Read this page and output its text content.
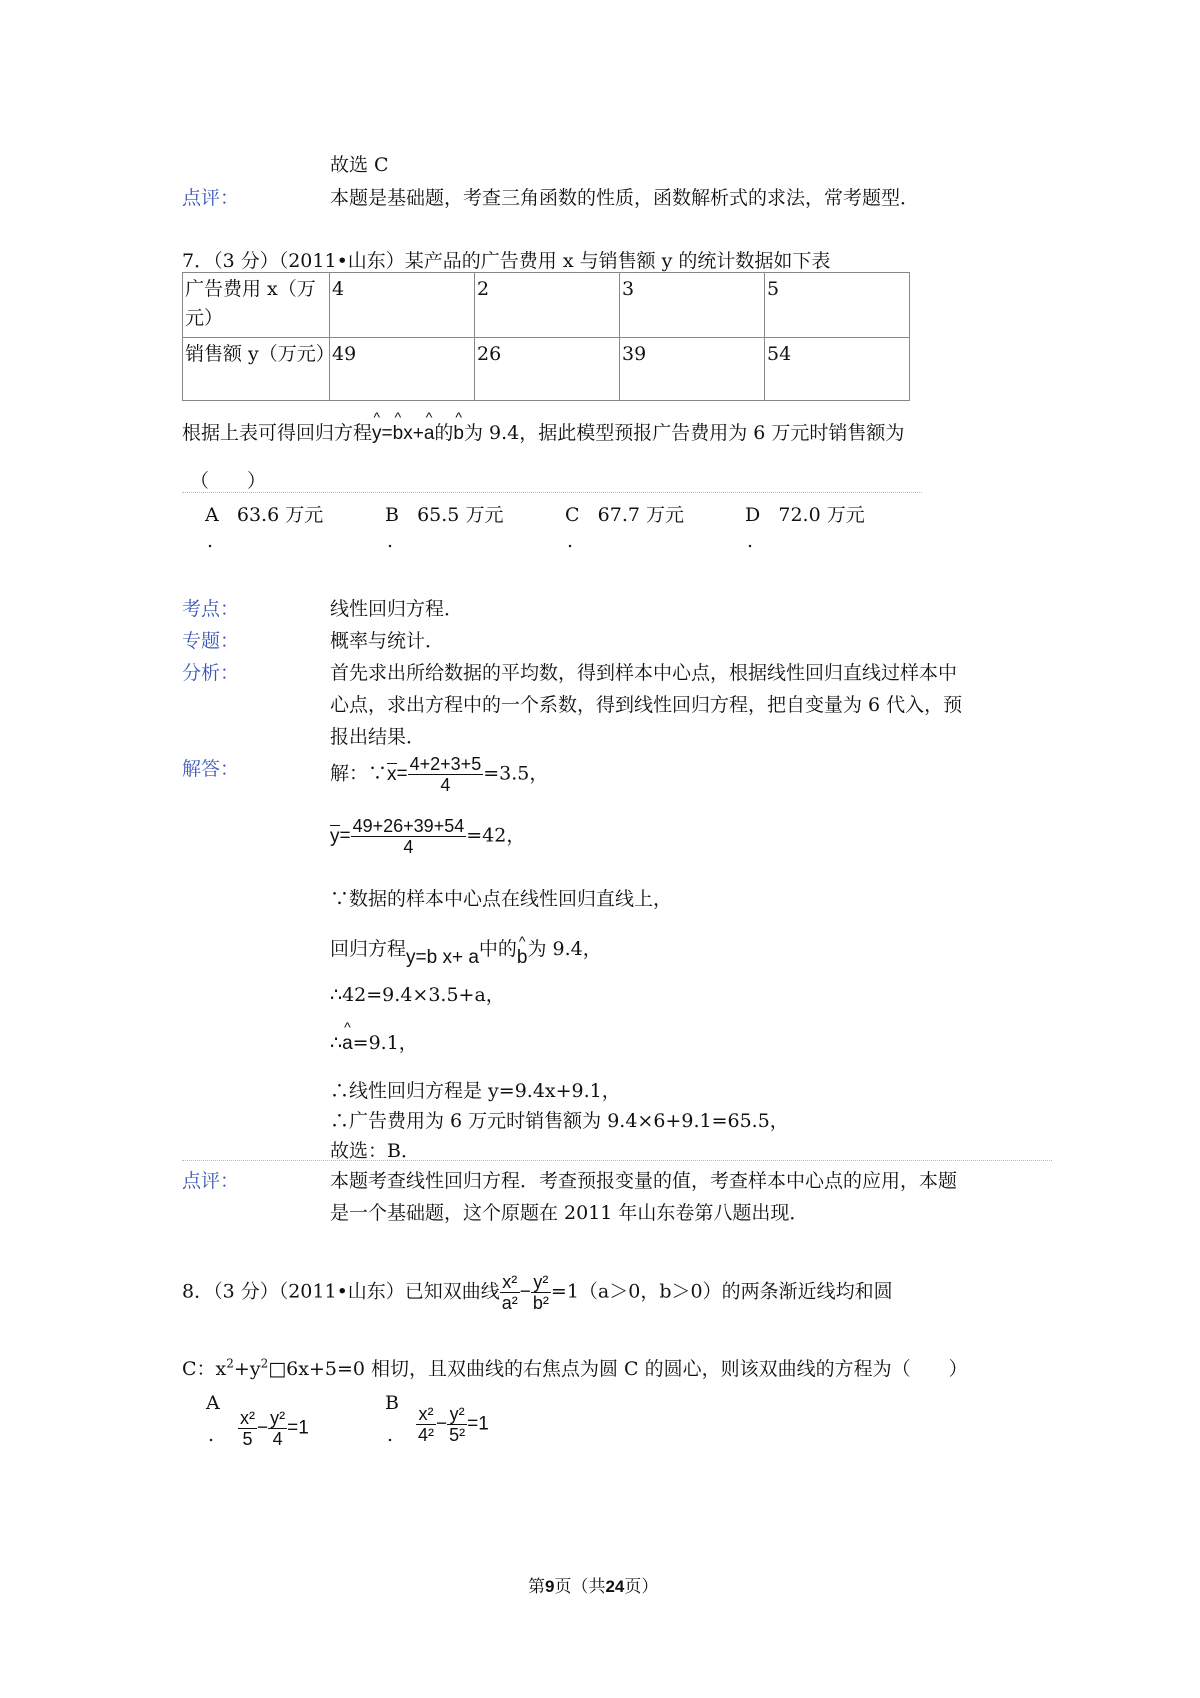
故选 C
点评：	本题是基础题，考查三角函数的性质，函数解析式的求法，常考题型．
7．（3 分）（2011•山东）某产品的广告费用 x 与销售额 y 的统计数据如下表
广告费用 x（万元）	4	2	3	5
销售额 y（万元）	49	26	39	54
根据上表可得回归方程^ y=^ bx+^ a的^ b为 9.4，据此模型预报广告费用为 6 万元时销售额为
（　　）
A 63.6 万元	B 65.5 万元	C 67.7 万元	D 72.0 万元
.	.	.	.
考点：	线性回归方程．
专题：	概率与统计．
分析：	首先求出所给数据的平均数，得到样本中心点，根据线性回归直线过样本中
心点，求出方程中的一个系数，得到线性回归方程，把自变量为 6 代入，预
报出结果．
解答：	解：∵x= $\frac{4+2+3+5}{4} =3.5$，
$y= \frac{49+26+39+54}{4} =42$，
∵数据的样本中心点在线性回归直线上，
回归方程y=b x+ a中的^ b为 9.4，
∴42=9.4×3.5+a，
∴^ a=9.1，
∴线性回归方程是 y=9.4x+9.1，
∴广告费用为 6 万元时销售额为 9.4×6+9.1=65.5，
故选：B．
点评：	本题考查线性回归方程．考查预报变量的值，考查样本中心点的应用，本题
是一个基础题，这个原题在 2011 年山东卷第八题出现．
8．（3 分）（2011•山东）已知双曲线 $\frac{\text{x²}}{\text{a²}} - \frac{\text{y²}}{\text{b²}} =1(a>0$，b＞0）的两条渐近线均和圆
C：$x^2+y^2□6x+5=0$ 相切，且双曲线的右焦点为圆 C 的圆心，则该双曲线的方程为（　　）
A
. $\frac{\text{x²}}{5} - \frac{\text{y²}}{4} =1$
B
. $\frac{\text{x²}}{\text{4²}} - \frac{\text{y²}}{\text{5²}} =1$
第9页（共24页）
